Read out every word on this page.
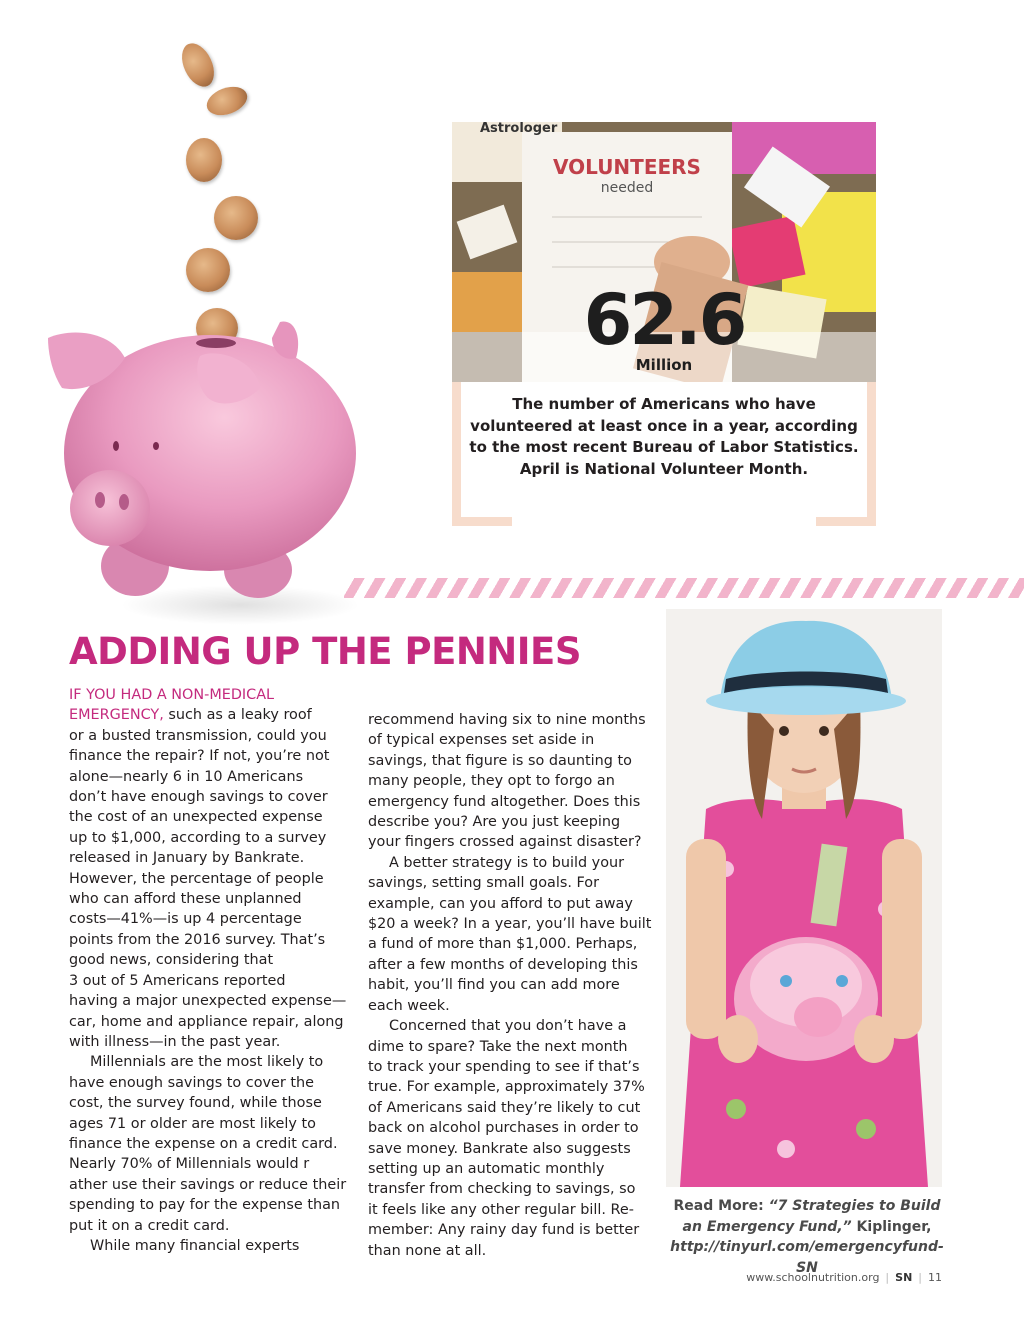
VOLUNTEERS
needed
Astrologer
62.6
Million
The number of Americans who have volunteered at least once in a year, according to the most recent Bureau of Labor Statistics. April is National Volunteer Month.
ADDING UP THE PENNIES
IF YOU HAD A NON-MEDICAL
EMERGENCY, such as a leaky roof
or a busted transmission, could you
finance the repair? If not, you’re not
alone—nearly 6 in 10 Americans
don’t have enough savings to cover
the cost of an unexpected expense
up to $1,000, according to a survey
released in January by Bankrate.
However, the percentage of people
who can afford these unplanned
costs—41%—is up 4 percentage
points from the 2016 survey. That’s
good news, considering that
3 out of 5 Americans reported
having a major unexpected expense—
car, home and appliance repair, along
with illness—in the past year.
Millennials are the most likely to
have enough savings to cover the
cost, the survey found, while those
ages 71 or older are most likely to
finance the expense on a credit card.
Nearly 70% of Millennials would r
ather use their savings or reduce their
spending to pay for the expense than
put it on a credit card.
While many financial experts
recommend having six to nine months
of typical expenses set aside in
savings, that figure is so daunting to
many people, they opt to forgo an
emergency fund altogether. Does this
describe you? Are you just keeping
your fingers crossed against disaster?
A better strategy is to build your
savings, setting small goals. For
example, can you afford to put away
$20 a week? In a year, you’ll have built
a fund of more than $1,000. Perhaps,
after a few months of developing this
habit, you’ll find you can add more
each week.
Concerned that you don’t have a
dime to spare? Take the next month
to track your spending to see if that’s
true. For example, approximately 37%
of Americans said they’re likely to cut
back on alcohol purchases in order to
save money. Bankrate also suggests
setting up an automatic monthly
transfer from checking to savings, so
it feels like any other regular bill. Re-
member: Any rainy day fund is better
than none at all.
Read More: “7 Strategies to Build an Emergency Fund,” Kiplinger, http://tinyurl.com/emergencyfund-SN
www.schoolnutrition.org | SN | 11
